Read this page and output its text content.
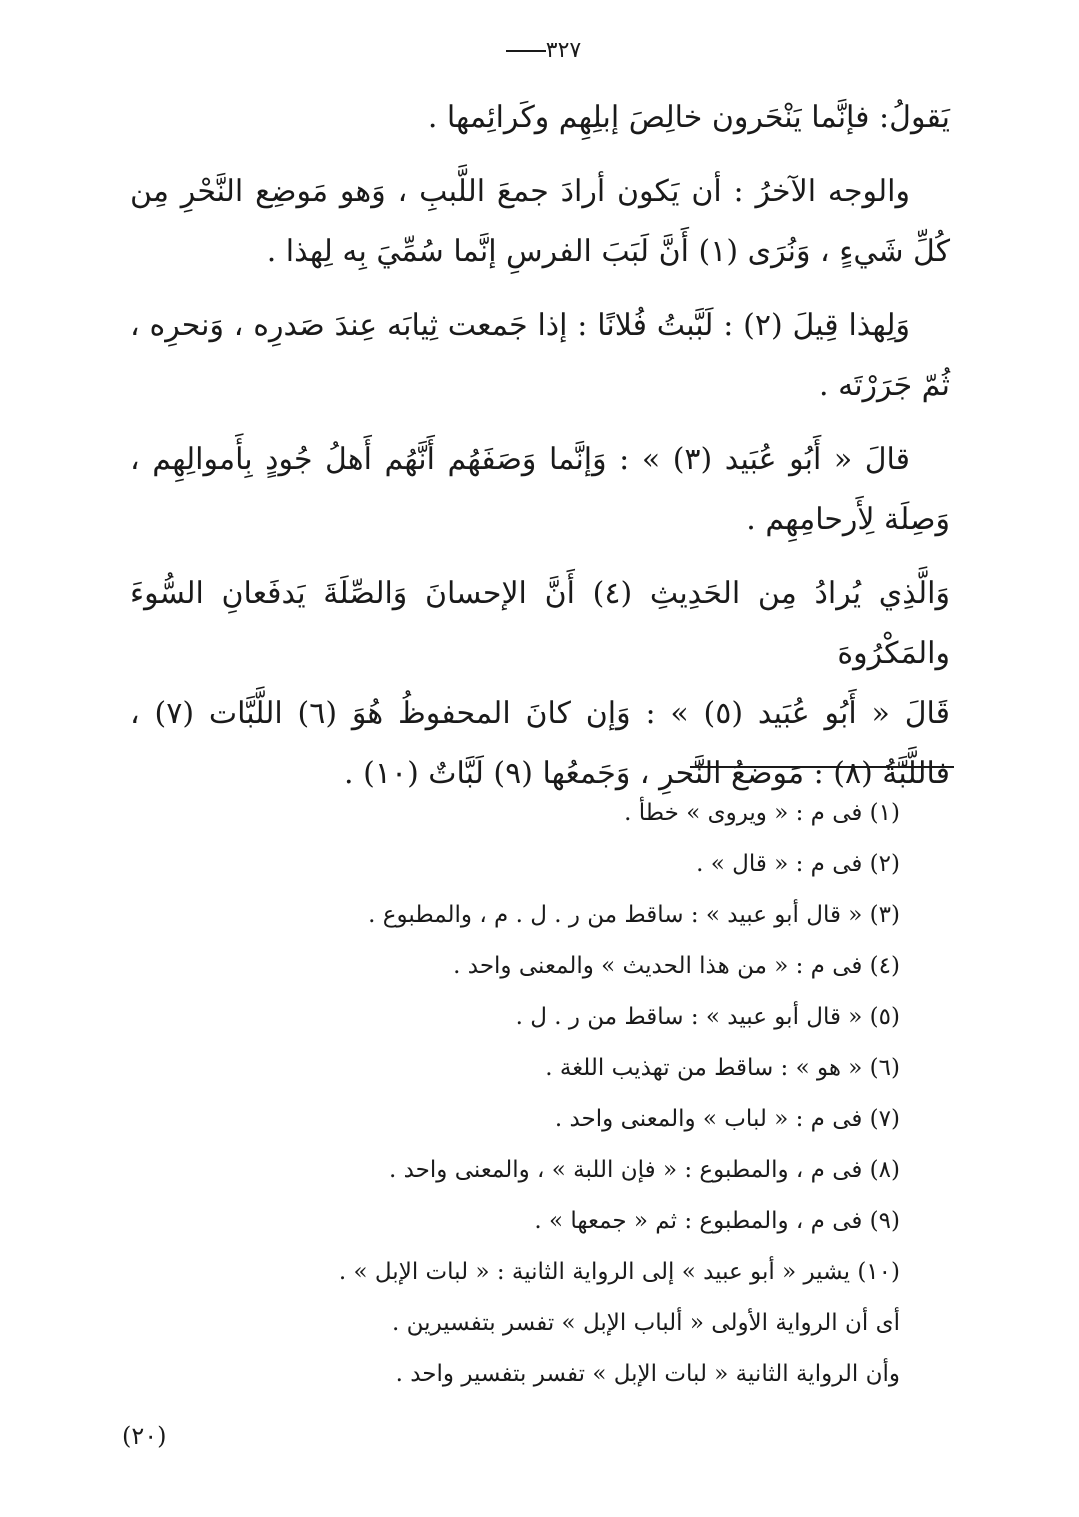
٣٢٧

يَقولُ: فإنَّما يَنْحَرون خالِصَ إبلِهِم وكَرائِمها .

والوجه الآخرُ : أن يَكون أرادَ جمعَ اللَّببِ ، وَهو مَوضِع النَّحْرِ مِن كُلِّ شَيءٍ ، وَنُرَى (١) أَنَّ لَبَبَ الفرسِ إنَّما سُمِّيَ بِه لِهذا .

وَلِهذا قِيلَ (٢) : لَبَّبتُ فُلانًا : إذا جَمعت ثِيابَه عِندَ صَدرِه ، وَنحرِه ، ثُمّ جَرَرْتَه .

قالَ « أَبُو عُبَيد (٣) » : وَإنَّما وَصَفَهُم أَنَّهُم أَهلُ جُودٍ بِأَموالِهِم ، وَصِلَة لِأَرحامِهِم .

وَالَّذِي يُرادُ مِن الحَدِيثِ (٤) أَنَّ الإحسانَ وَالصِّلَةَ يَدفَعانِ السُّوءَ والمَكْرُوهَ

قَالَ « أَبُو عُبَيد (٥) » : وَإن كانَ المحفوظُ هُوَ (٦) اللَّبَّات (٧) ، فاللَّبَّةُ (٨) : مَوضعُ النَّحرِ ، وَجَمعُها (٩) لَبَّاتٌ (١٠) .

(١) فى م : « ويروى » خطأ .

(٢) فى م : « قال » .

(٣) « قال أبو عبيد » : ساقط من ر . ل . م ، والمطبوع .

(٤) فى م : « من هذا الحديث » والمعنى واحد .

(٥) « قال أبو عبيد » : ساقط من ر . ل .

(٦) « هو » : ساقط من تهذيب اللغة .

(٧) فى م : « لباب » والمعنى واحد .

(٨) فى م ، والمطبوع : « فإن اللبة » ، والمعنى واحد .

(٩) فى م ، والمطبوع : ثم « جمعها » .

(١٠) يشير « أبو عبيد » إلى الرواية الثانية : « لبات الإبل » .

أى أن الرواية الأولى « ألباب الإبل » تفسر بتفسيرين .

وأن الرواية الثانية « لبات الإبل » تفسر بتفسير واحد .

(٢٠)
